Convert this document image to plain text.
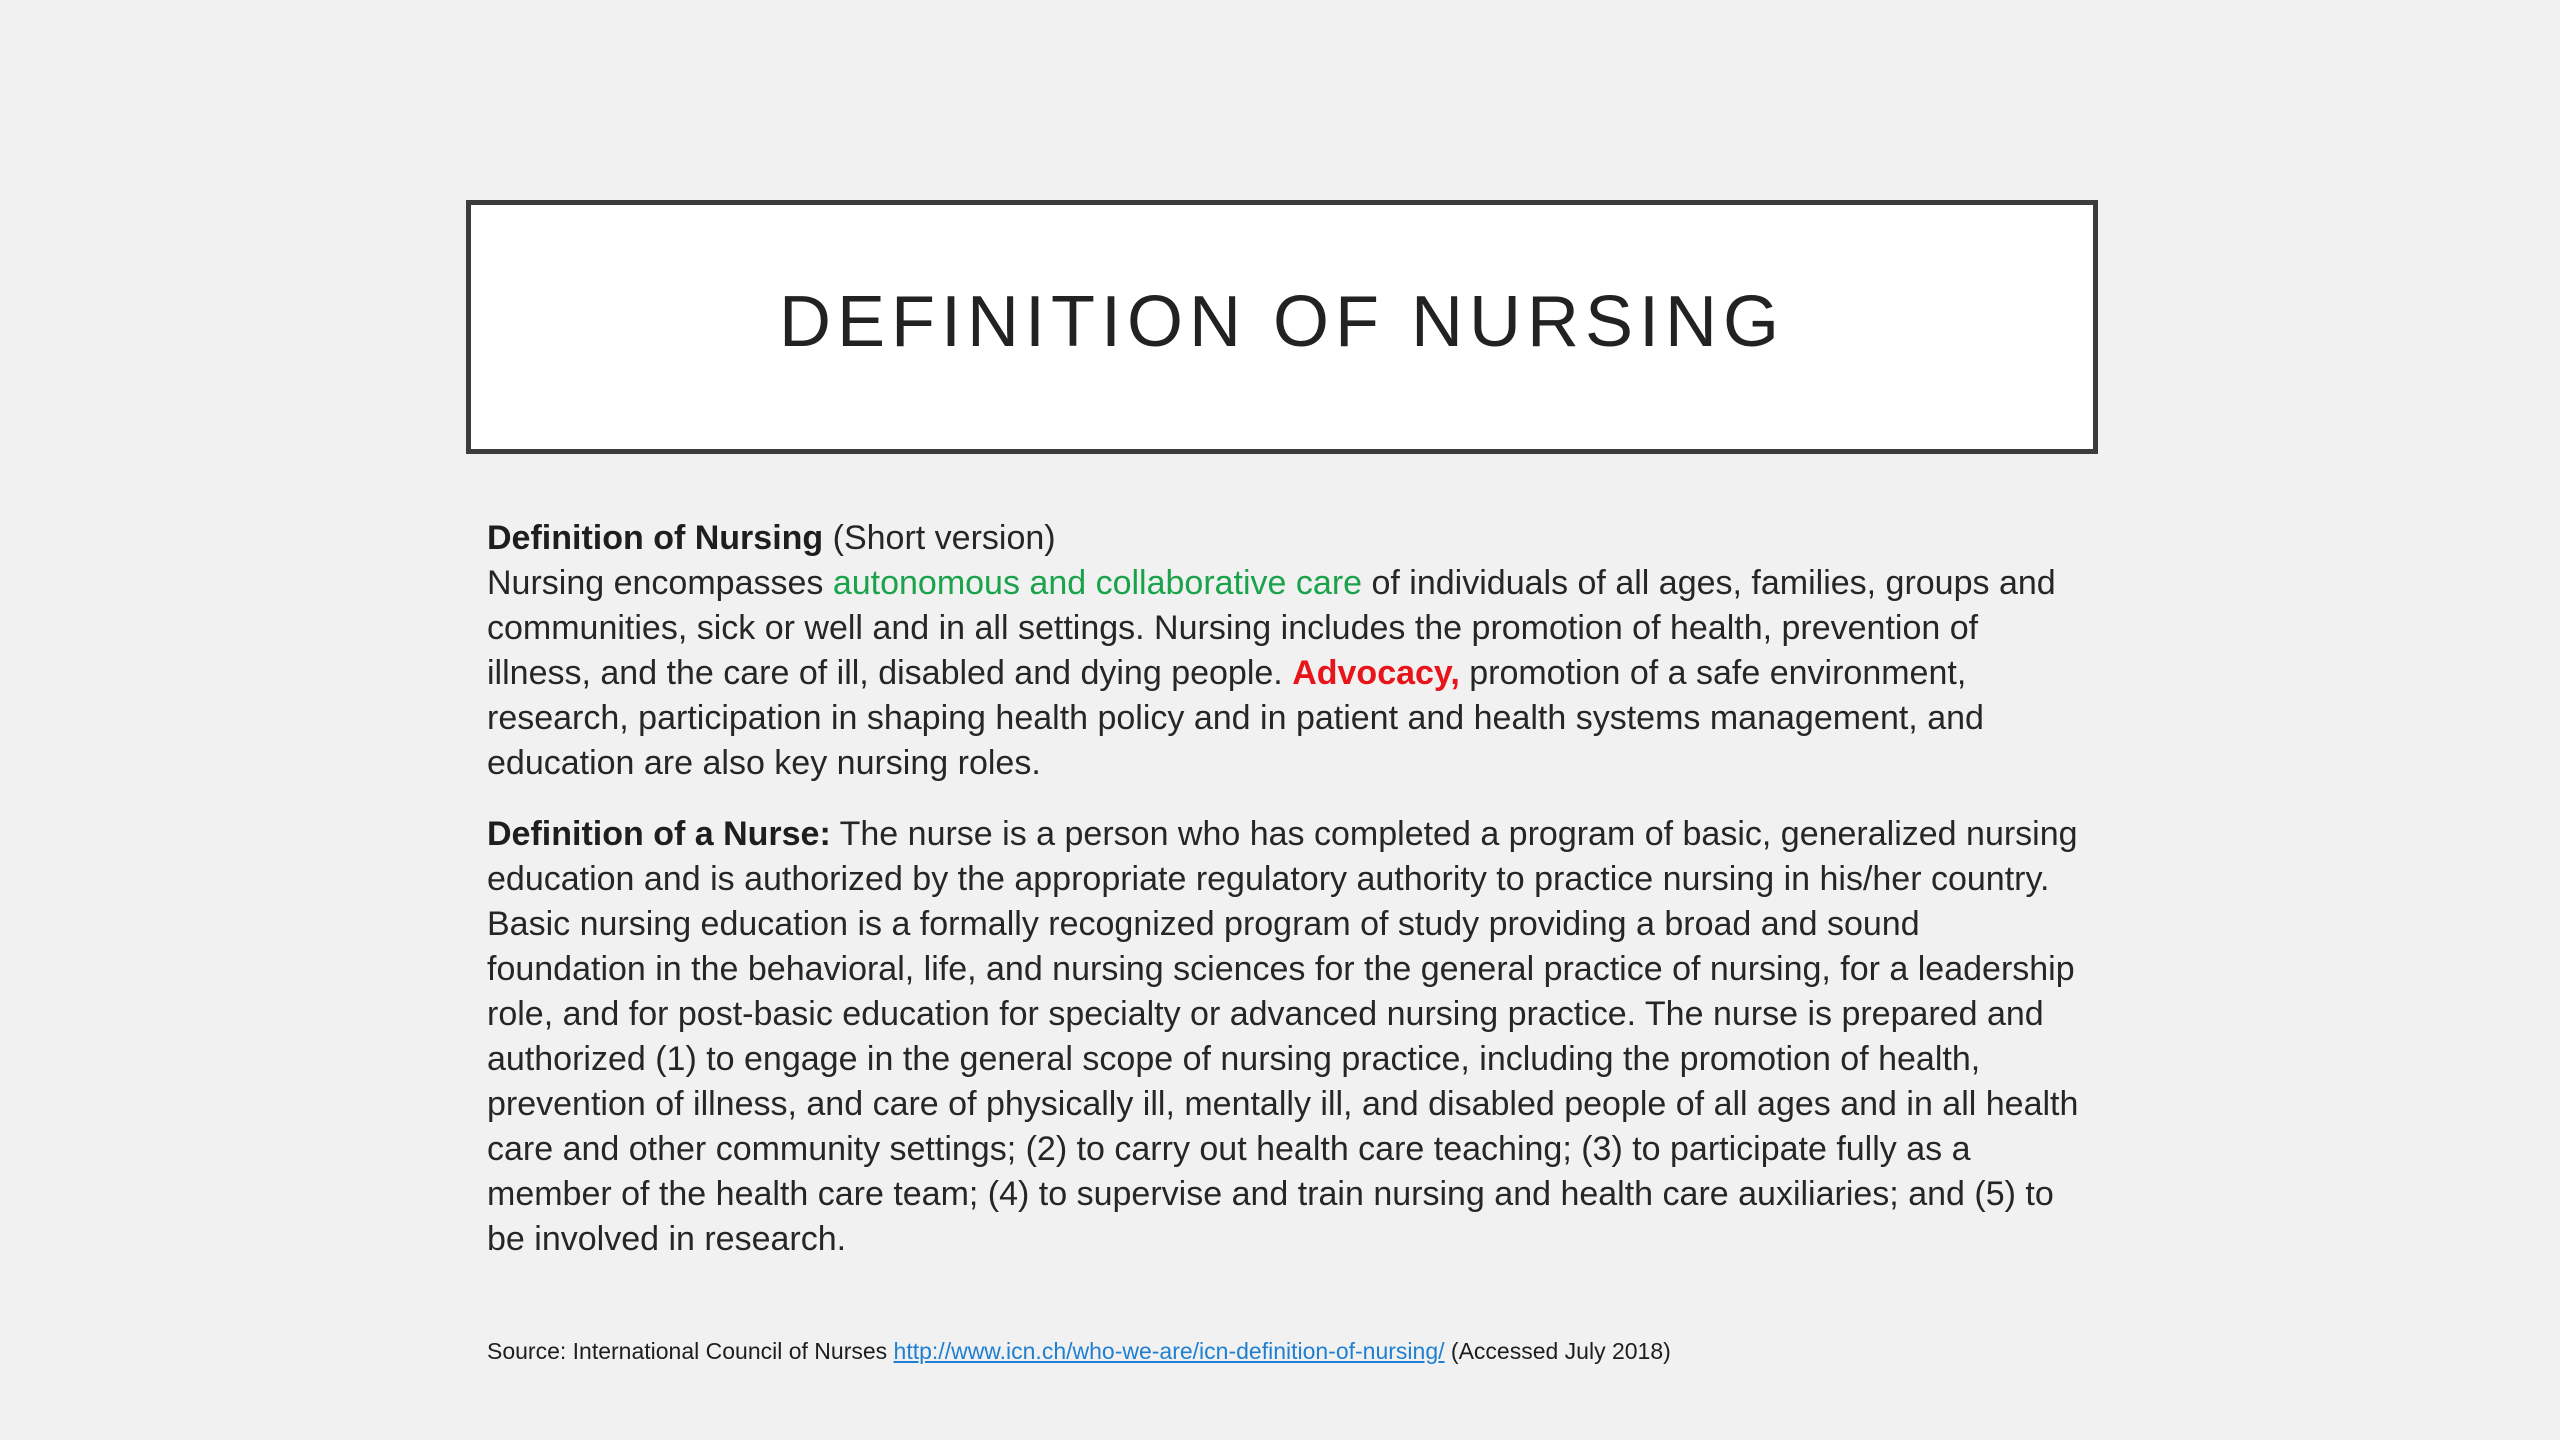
DEFINITION OF NURSING

Definition of Nursing (Short version)
Nursing encompasses autonomous and collaborative care of individuals of all ages, families, groups and communities, sick or well and in all settings. Nursing includes the promotion of health, prevention of illness, and the care of ill, disabled and dying people. Advocacy, promotion of a safe environment, research, participation in shaping health policy and in patient and health systems management, and education are also key nursing roles.

Definition of a Nurse: The nurse is a person who has completed a program of basic, generalized nursing education and is authorized by the appropriate regulatory authority to practice nursing in his/her country. Basic nursing education is a formally recognized program of study providing a broad and sound foundation in the behavioral, life, and nursing sciences for the general practice of nursing, for a leadership role, and for post-basic education for specialty or advanced nursing practice. The nurse is prepared and authorized (1) to engage in the general scope of nursing practice, including the promotion of health, prevention of illness, and care of physically ill, mentally ill, and disabled people of all ages and in all health care and other community settings; (2) to carry out health care teaching; (3) to participate fully as a member of the health care team; (4) to supervise and train nursing and health care auxiliaries; and (5) to be involved in research.

Source: International Council of Nurses http://www.icn.ch/who-we-are/icn-definition-of-nursing/ (Accessed July 2018)
